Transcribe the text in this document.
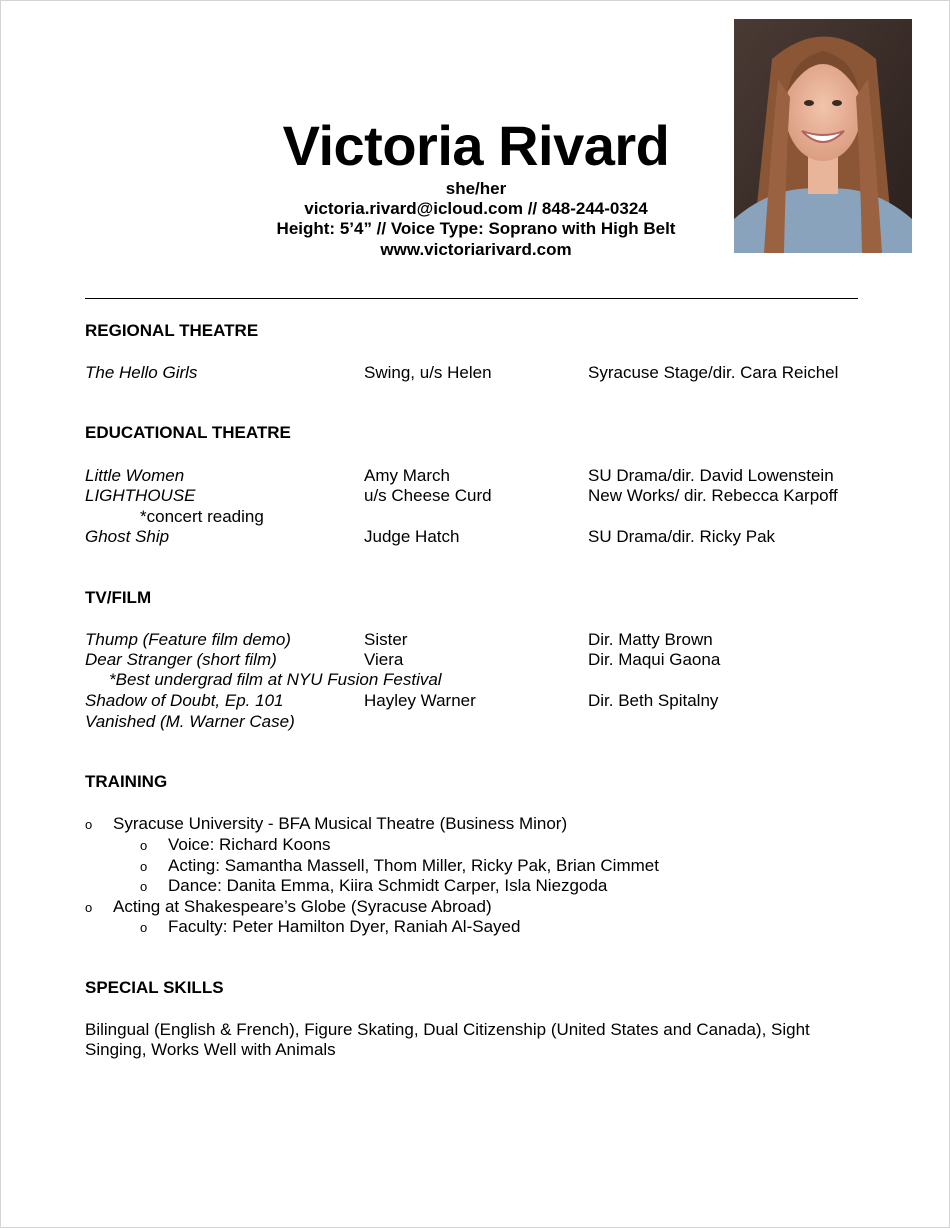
Victoria Rivard
she/her
victoria.rivard@icloud.com // 848-244-0324
Height: 5’4” // Voice Type: Soprano with High Belt
www.victoriarivard.com
REGIONAL THEATRE
The Hello Girls	Swing, u/s Helen	Syracuse Stage/dir. Cara Reichel
EDUCATIONAL THEATRE
Little Women	Amy March	SU Drama/dir. David Lowenstein
LIGHTHOUSE	u/s Cheese Curd	New Works/ dir. Rebecca Karpoff
*concert reading
Ghost Ship	Judge Hatch	SU Drama/dir. Ricky Pak
TV/FILM
Thump (Feature film demo)	Sister	Dir. Matty Brown
Dear Stranger (short film)	Viera	Dir. Maqui Gaona
*Best undergrad film at NYU Fusion Festival
Shadow of Doubt, Ep. 101	Hayley Warner	Dir. Beth Spitalny
Vanished (M. Warner Case)
TRAINING
o Syracuse University - BFA Musical Theatre (Business Minor)
o Voice: Richard Koons
o Acting: Samantha Massell, Thom Miller, Ricky Pak, Brian Cimmet
o Dance: Danita Emma, Kiira Schmidt Carper, Isla Niezgoda
o Acting at Shakespeare’s Globe (Syracuse Abroad)
o Faculty: Peter Hamilton Dyer, Raniah Al-Sayed
SPECIAL SKILLS
Bilingual (English & French), Figure Skating, Dual Citizenship (United States and Canada), Sight
Singing, Works Well with Animals
